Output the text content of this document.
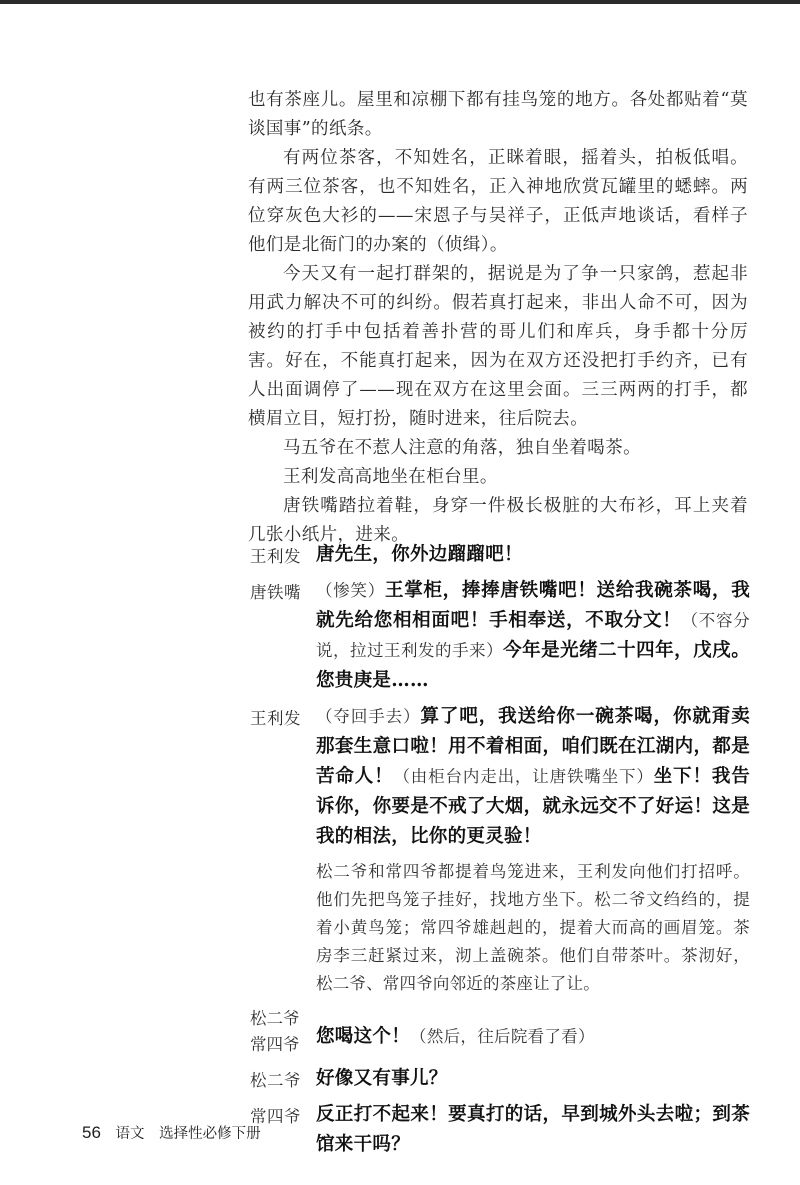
也有茶座儿。屋里和凉棚下都有挂鸟笼的地方。各处都贴着“莫谈国事”的纸条。

有两位茶客，不知姓名，正眯着眼，摇着头，拍板低唱。有两三位茶客，也不知姓名，正入神地欣赏瓦罐里的蟋蟀。两位穿灰色大衫的——宋恩子与吴祥子，正低声地谈话，看样子他们是北衙门的办案的（侦缉）。

今天又有一起打群架的，据说是为了争一只家鸽，惹起非用武力解决不可的纠纷。假若真打起来，非出人命不可，因为被约的打手中包括着善扑营的哥儿们和库兵，身手都十分厉害。好在，不能真打起来，因为在双方还没把打手约齐，已有人出面调停了——现在双方在这里会面。三三两两的打手，都横眉立目，短打扮，随时进来，往后院去。

马五爷在不惹人注意的角落，独自坐着喝茶。

王利发高高地坐在柜台里。

唐铁嘴踏拉着鞋，身穿一件极长极脏的大布衫，耳上夹着几张小纸片，进来。

王利发 唐先生，你外边蹓蹓吧！
唐铁嘴 （惨笑）王掌柜，捧捧唐铁嘴吧！送给我碗茶喝，我就先给您相相面吧！手相奉送，不取分文！（不容分说，拉过王利发的手来）今年是光绪二十四年，戊戌。您贵庚是……
王利发 （夺回手去）算了吧，我送给你一碗茶喝，你就甭卖那套生意口啦！用不着相面，咱们既在江湖内，都是苦命人！（由柜台内走出，让唐铁嘴坐下）坐下！我告诉你，你要是不戒了大烟，就永远交不了好运！这是我的相法，比你的更灵验！

松二爷和常四爷都提着鸟笼进来，王利发向他们打招呼。他们先把鸟笼子挂好，找地方坐下。松二爷文绉绉的，提着小黄鸟笼；常四爷雄赳赳的，提着大而高的画眉笼。茶房李三赶紧过来，沏上盖碗茶。他们自带茶叶。茶沏好，松二爷、常四爷向邻近的茶座让了让。

松二爷
常四爷 您喝这个！（然后，往后院看了看）
松二爷 好像又有事儿？
常四爷 反正打不起来！要真打的话，早到城外头去啦；到茶馆来干吗？
56 语文 选择性必修下册
